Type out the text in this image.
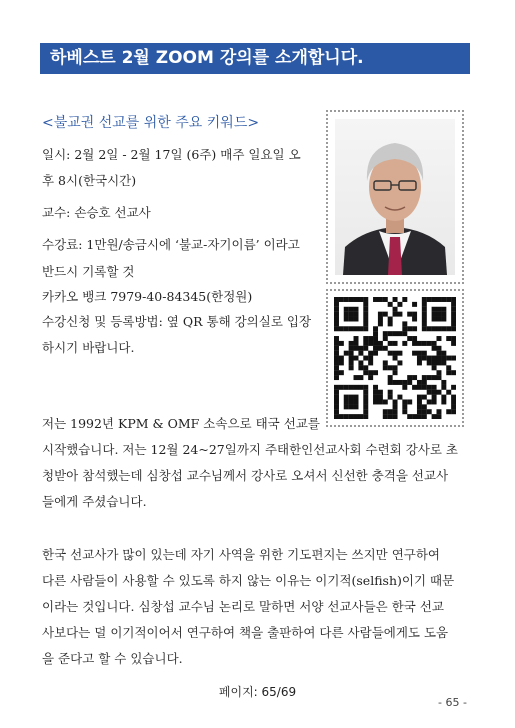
하베스트 2월 ZOOM 강의를 소개합니다.
<불교권 선교를 위한 주요 키워드>
일시: 2월 2일 - 2월 17일 (6주) 매주 일요일 오
후 8시(한국시간)
교수: 손승호 선교사
수강료: 1만원/송금시에 ‘불교-자기이름’ 이라고
반드시 기록할 것
카카오 뱅크 7979-40-84345(한정원)
수강신청 및 등록방법: 옆 QR 통해 강의실로 입장
하시기 바랍니다.
저는 1992년 KPM & OMF 소속으로 태국 선교를
시작했습니다. 저는 12월 24~27일까지 주태한인선교사회 수련회 강사로 초
청받아 참석했는데 심창섭 교수님께서 강사로 오셔서 신선한 충격을 선교사
들에게 주셨습니다.
한국 선교사가 많이 있는데 자기 사역을 위한 기도편지는 쓰지만 연구하여
다른 사람들이 사용할 수 있도록 하지 않는 이유는 이기적(selfish)이기 때문
이라는 것입니다. 심창섭 교수님 논리로 말하면 서양 선교사들은 한국 선교
사보다는 덜 이기적이어서 연구하여 책을 출판하여 다른 사람들에게도 도움
을 준다고 할 수 있습니다.
페이지: 65/69
- 65 -
